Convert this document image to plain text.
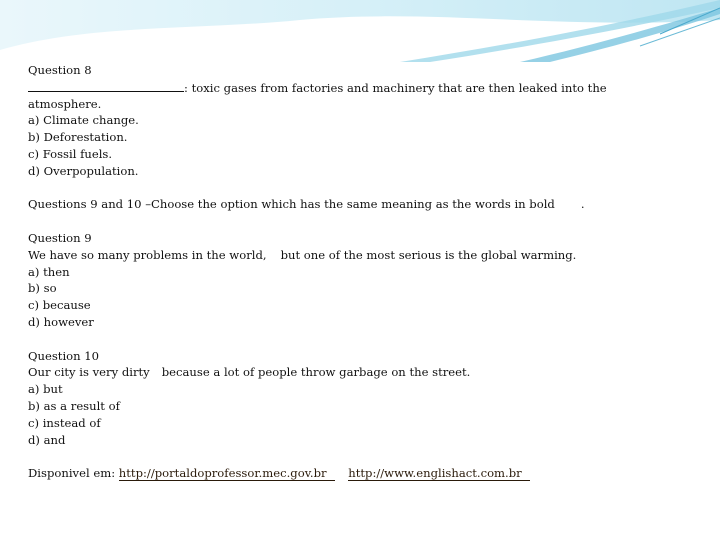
Question 8
: toxic gases from factories and machinery that are then leaked into the
atmosphere.
a) Climate change.
b) Deforestation.
c) Fossil fuels.
d) Overpopulation.
Questions 9 and 10 –Choose the option which has the same meaning as the words in bold .
Question 9
We have so many problems in the world, but one of the most serious is the global warming.
a) then
b) so
c) because
d) however
Question 10
Our city is very dirty because a lot of people throw garbage on the street.
a) but
b) as a result of
c) instead of
d) and
Disponivel em: http://portaldoprofessor.mec.gov.br http://www.englishact.com.br
